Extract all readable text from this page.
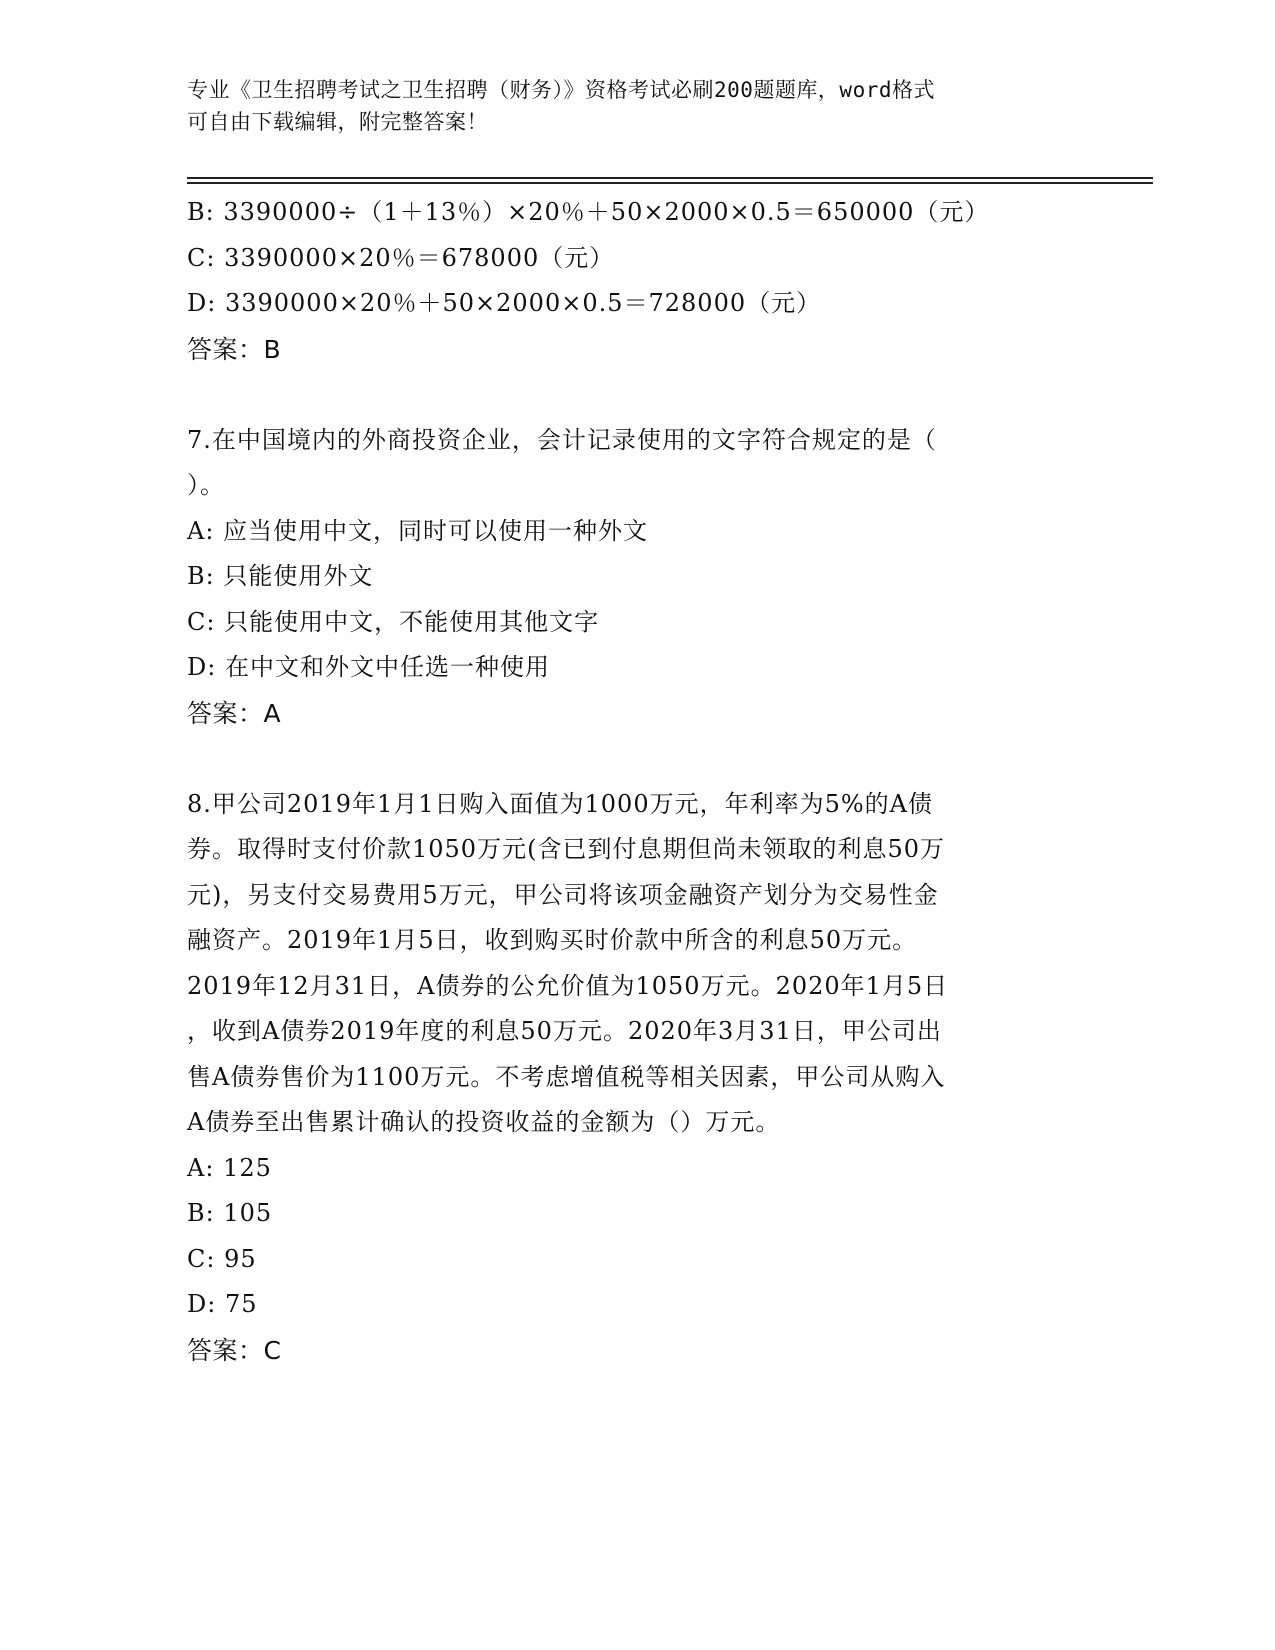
专业《卫生招聘考试之卫生招聘（财务）》资格考试必刷200题题库，word格式
可自由下载编辑，附完整答案！
B: 3390000÷（1＋13％）×20％＋50×2000×0.5＝650000（元）
C: 3390000×20％＝678000（元）
D: 3390000×20％＋50×2000×0.5＝728000（元）
答案：B
7.在中国境内的外商投资企业，会计记录使用的文字符合规定的是（
）。
A: 应当使用中文，同时可以使用一种外文
B: 只能使用外文
C: 只能使用中文，不能使用其他文字
D: 在中文和外文中任选一种使用
答案：A
8.甲公司2019年1月1日购入面值为1000万元，年利率为5%的A债
券。取得时支付价款1050万元(含已到付息期但尚未领取的利息50万
元)，另支付交易费用5万元，甲公司将该项金融资产划分为交易性金
融资产。2019年1月5日，收到购买时价款中所含的利息50万元。
2019年12月31日，A债券的公允价值为1050万元。2020年1月5日
，收到A债券2019年度的利息50万元。2020年3月31日，甲公司出
售A债券售价为1100万元。不考虑增值税等相关因素，甲公司从购入
A债券至出售累计确认的投资收益的金额为（）万元。
A: 125
B: 105
C: 95
D: 75
答案：C
